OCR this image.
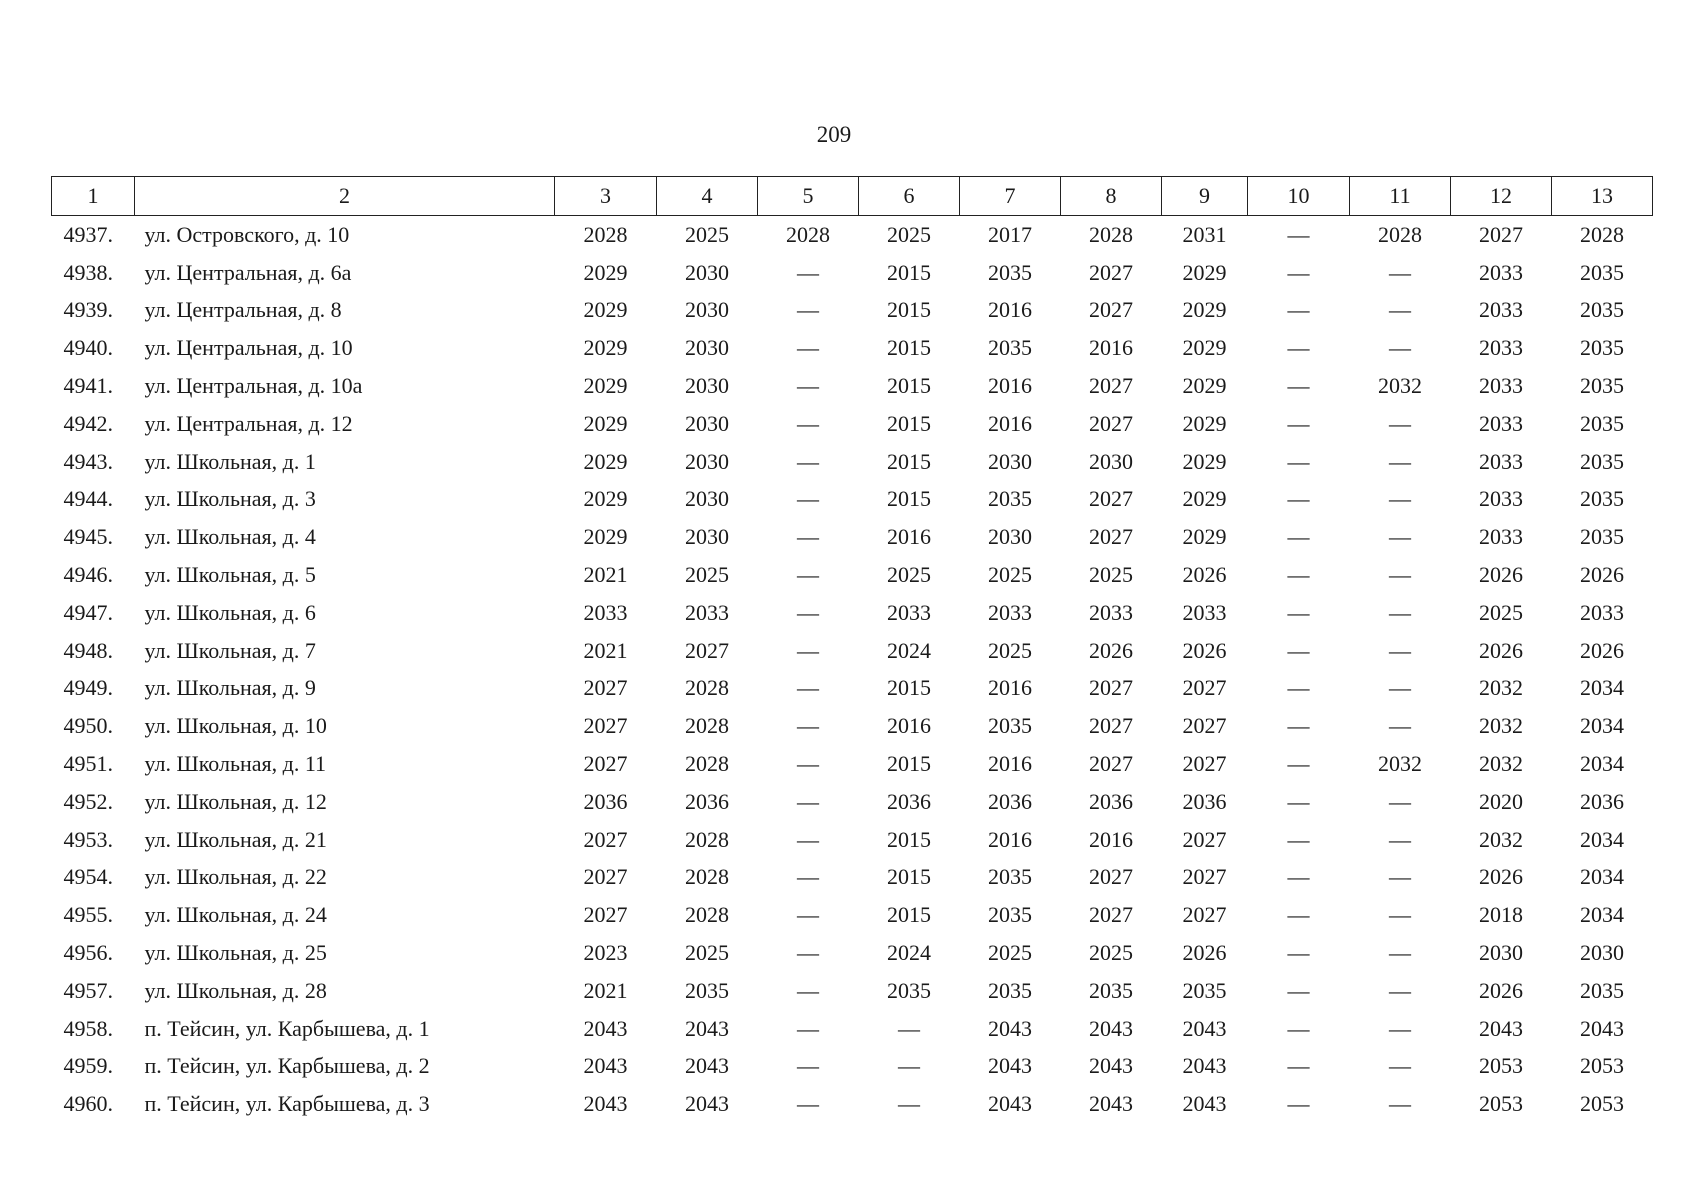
209
1	2	3	4	5	6	7	8	9	10	11	12	13
4937.	ул. Островского, д. 10	2028	2025	2028	2025	2017	2028	2031	—	2028	2027	2028
4938.	ул. Центральная, д. 6а	2029	2030	—	2015	2035	2027	2029	—	—	2033	2035
4939.	ул. Центральная, д. 8	2029	2030	—	2015	2016	2027	2029	—	—	2033	2035
4940.	ул. Центральная, д. 10	2029	2030	—	2015	2035	2016	2029	—	—	2033	2035
4941.	ул. Центральная, д. 10а	2029	2030	—	2015	2016	2027	2029	—	2032	2033	2035
4942.	ул. Центральная, д. 12	2029	2030	—	2015	2016	2027	2029	—	—	2033	2035
4943.	ул. Школьная, д. 1	2029	2030	—	2015	2030	2030	2029	—	—	2033	2035
4944.	ул. Школьная, д. 3	2029	2030	—	2015	2035	2027	2029	—	—	2033	2035
4945.	ул. Школьная, д. 4	2029	2030	—	2016	2030	2027	2029	—	—	2033	2035
4946.	ул. Школьная, д. 5	2021	2025	—	2025	2025	2025	2026	—	—	2026	2026
4947.	ул. Школьная, д. 6	2033	2033	—	2033	2033	2033	2033	—	—	2025	2033
4948.	ул. Школьная, д. 7	2021	2027	—	2024	2025	2026	2026	—	—	2026	2026
4949.	ул. Школьная, д. 9	2027	2028	—	2015	2016	2027	2027	—	—	2032	2034
4950.	ул. Школьная, д. 10	2027	2028	—	2016	2035	2027	2027	—	—	2032	2034
4951.	ул. Школьная, д. 11	2027	2028	—	2015	2016	2027	2027	—	2032	2032	2034
4952.	ул. Школьная, д. 12	2036	2036	—	2036	2036	2036	2036	—	—	2020	2036
4953.	ул. Школьная, д. 21	2027	2028	—	2015	2016	2016	2027	—	—	2032	2034
4954.	ул. Школьная, д. 22	2027	2028	—	2015	2035	2027	2027	—	—	2026	2034
4955.	ул. Школьная, д. 24	2027	2028	—	2015	2035	2027	2027	—	—	2018	2034
4956.	ул. Школьная, д. 25	2023	2025	—	2024	2025	2025	2026	—	—	2030	2030
4957.	ул. Школьная, д. 28	2021	2035	—	2035	2035	2035	2035	—	—	2026	2035
4958.	п. Тейсин, ул. Карбышева, д. 1	2043	2043	—	—	2043	2043	2043	—	—	2043	2043
4959.	п. Тейсин, ул. Карбышева, д. 2	2043	2043	—	—	2043	2043	2043	—	—	2053	2053
4960.	п. Тейсин, ул. Карбышева, д. 3	2043	2043	—	—	2043	2043	2043	—	—	2053	2053
